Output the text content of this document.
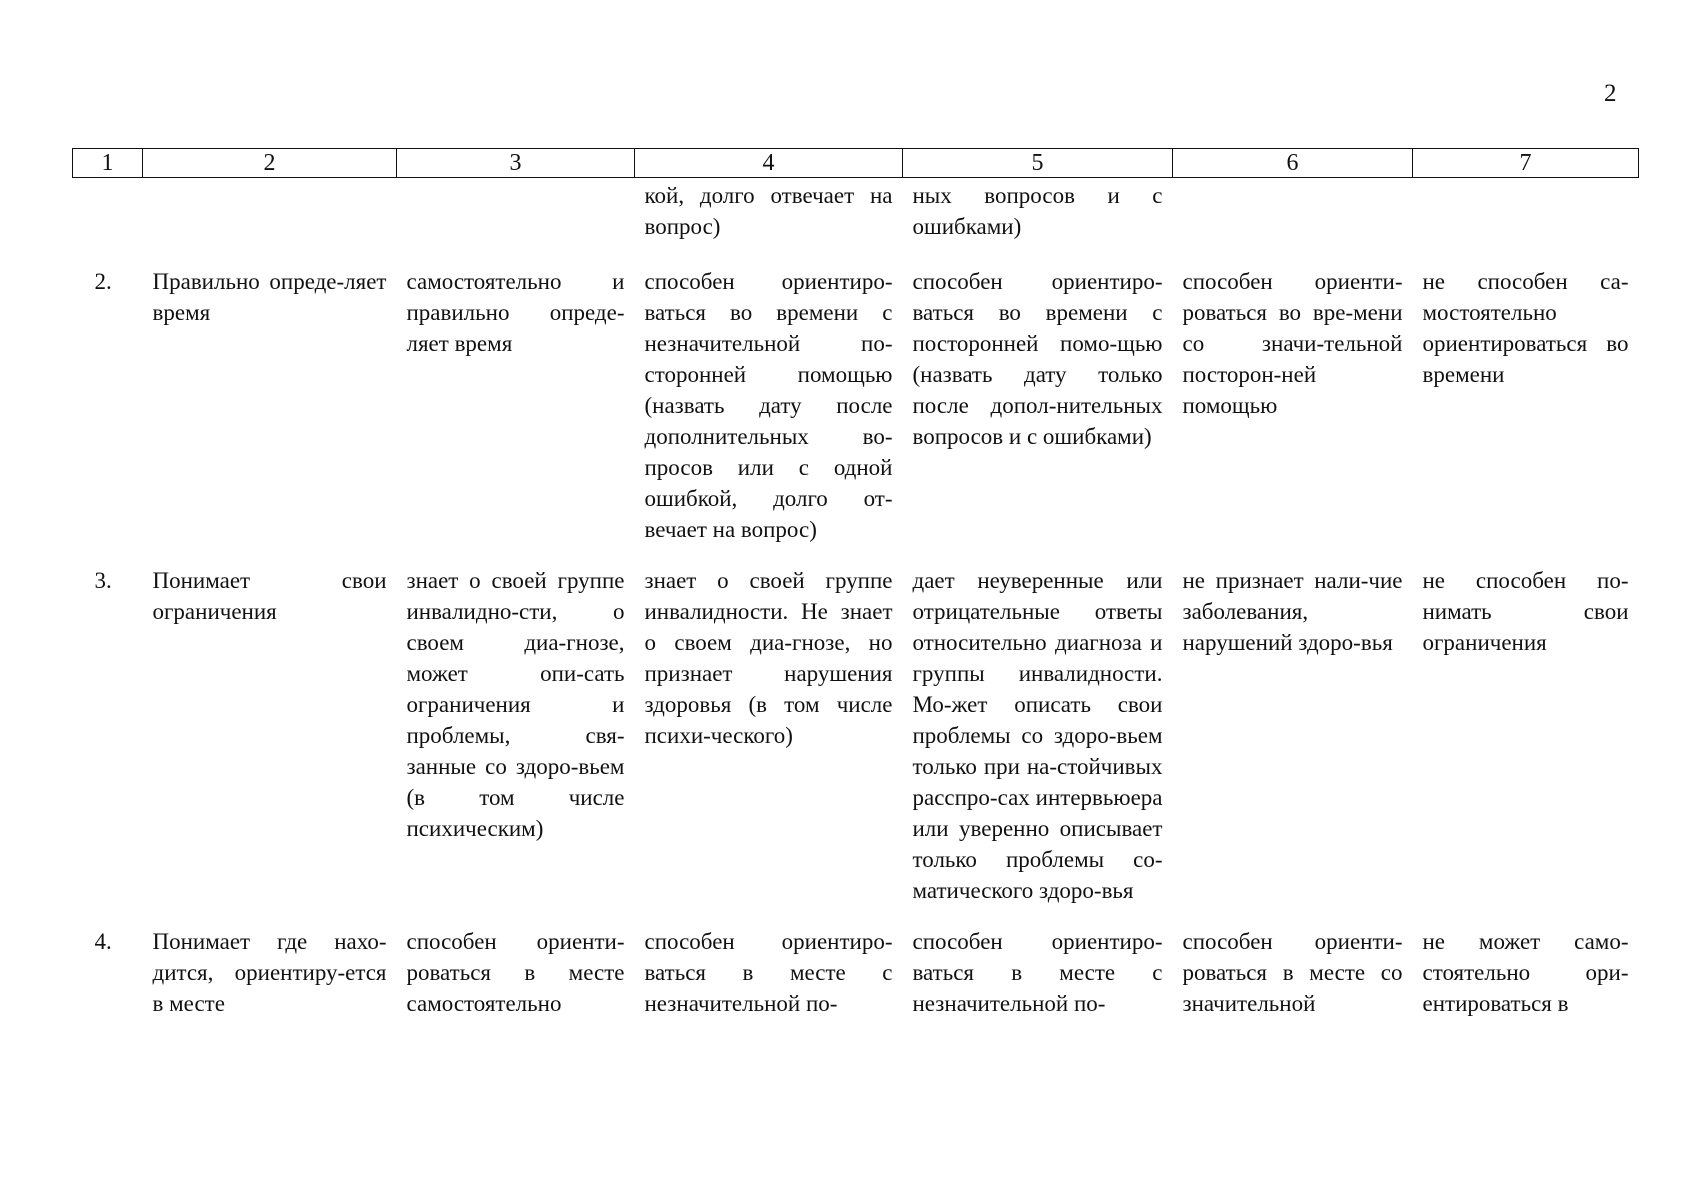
2
1	2	3	4	5	6	7
			кой, долго отвечает на вопрос)	ных вопросов и с ошибками)		
2.	Правильно опреде-ляет время	самостоятельно и правильно опреде-ляет время	способен ориентиро-ваться во времени с незначительной по-сторонней помощью (назвать дату после дополнительных во-просов или с одной ошибкой, долго от-вечает на вопрос)	способен ориентиро-ваться во времени с посторонней помо-щью (назвать дату только после допол-нительных вопросов и с ошибками)	способен ориенти-роваться во вре-мени со значи-тельной посторон-ней помощью	не способен са-мостоятельно ориентироваться во времени
3.	Понимает свои ограничения	знает о своей группе инвалидно-сти, о своем диа-гнозе, может опи-сать ограничения и проблемы, свя-занные со здоро-вьем (в том числе психическим)	знает о своей группе инвалидности. Не знает о своем диа-гнозе, но признает нарушения здоровья (в том числе психи-ческого)	дает неуверенные или отрицательные ответы относительно диагноза и группы инвалидности. Мо-жет описать свои проблемы со здоро-вьем только при на-стойчивых расспро-сах интервьюера или уверенно описывает только проблемы со-матического здоро-вья	не признает нали-чие заболевания, нарушений здоро-вья	не способен по-нимать свои ограничения
4.	Понимает где нахо-дится, ориентиру-ется в месте	способен ориенти-роваться в месте самостоятельно	способен ориентиро-ваться в месте с незначительной по-	способен ориентиро-ваться в месте с незначительной по-	способен ориенти-роваться в месте со значительной	не может само-стоятельно ори-ентироваться в
